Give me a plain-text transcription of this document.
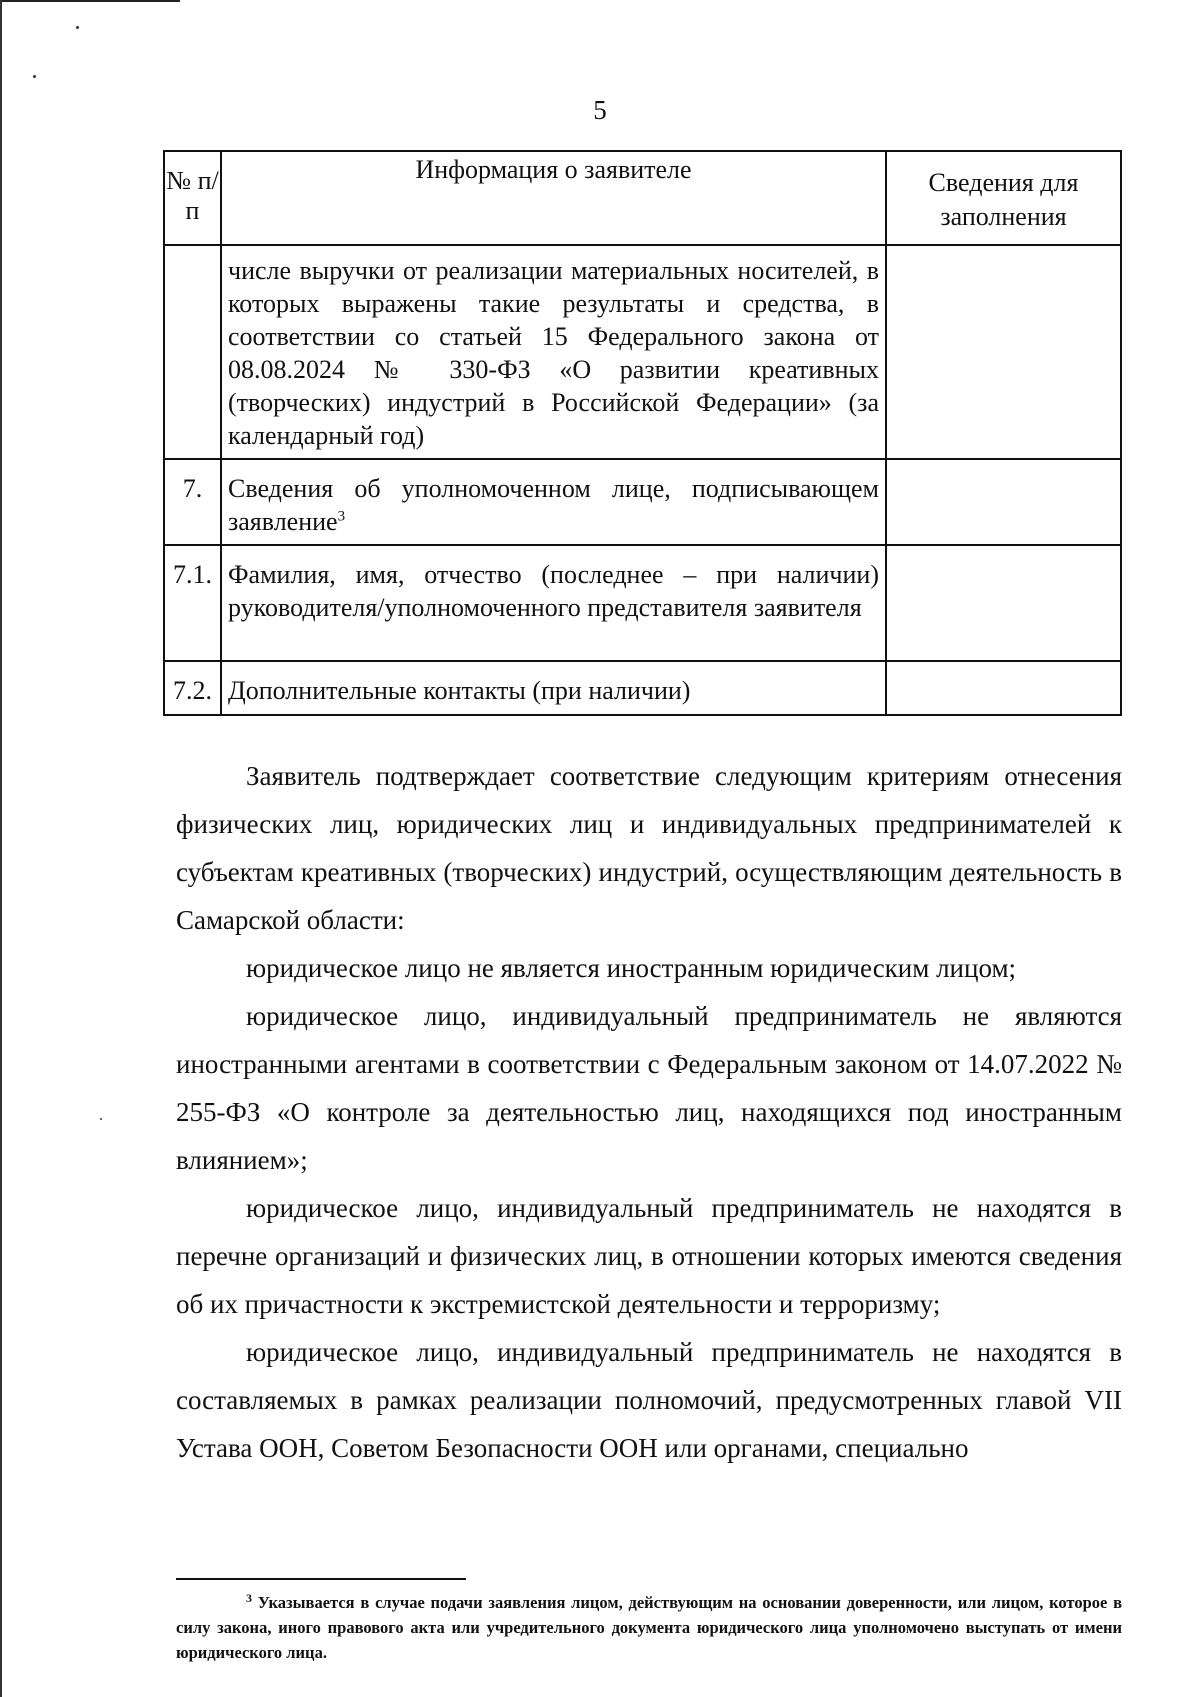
5
№ п/п	Информация о заявителе	Сведения для заполнения
	числе выручки от реализации материальных носителей, в которых выражены такие результаты и средства, в соответствии со статьей 15 Федерального закона от 08.08.2024 № 330-ФЗ «О развитии креативных (творческих) индустрий в Российской Федерации» (за календарный год)	
7.	Сведения об уполномоченном лице, подписывающем заявление$^3$	
7.1.	Фамилия, имя, отчество (последнее – при наличии) руководителя/уполномоченного представителя заявителя	
7.2.	Дополнительные контакты (при наличии)	

Заявитель подтверждает соответствие следующим критериям отнесения физических лиц, юридических лиц и индивидуальных предпринимателей к субъектам креативных (творческих) индустрий, осуществляющим деятельность в Самарской области:

юридическое лицо не является иностранным юридическим лицом;

юридическое лицо, индивидуальный предприниматель не являются иностранными агентами в соответствии с Федеральным законом от 14.07.2022 № 255-ФЗ «О контроле за деятельностью лиц, находящихся под иностранным влиянием»;

юридическое лицо, индивидуальный предприниматель не находятся в перечне организаций и физических лиц, в отношении которых имеются сведения об их причастности к экстремистской деятельности и терроризму;

юридическое лицо, индивидуальный предприниматель не находятся в составляемых в рамках реализации полномочий, предусмотренных главой VII Устава ООН, Советом Безопасности ООН или органами, специально

$^3$ Указывается в случае подачи заявления лицом, действующим на основании доверенности, или лицом, которое в силу закона, иного правового акта или учредительного документа юридического лица уполномочено выступать от имени юридического лица.
